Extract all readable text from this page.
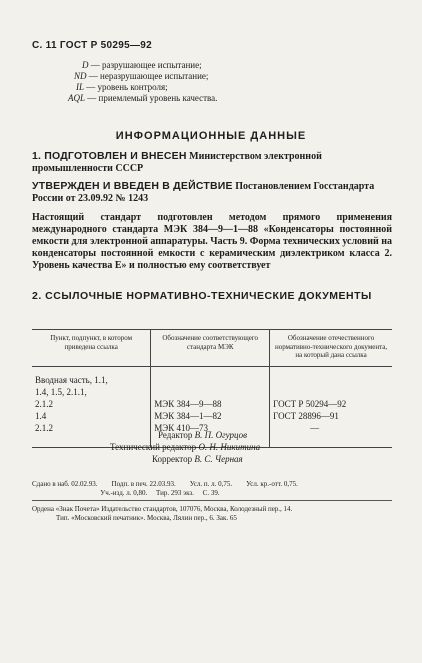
С. 11 ГОСТ Р 50295—92
D — разрушающее испытание;
ND — неразрушающее испытание;
IL — уровень контроля;
AQL — приемлемый уровень качества.
ИНФОРМАЦИОННЫЕ ДАННЫЕ
1. ПОДГОТОВЛЕН И ВНЕСЕН Министерством электронной промышленности СССР
УТВЕРЖДЕН И ВВЕДЕН В ДЕЙСТВИЕ Постановлением Госстандарта России от 23.09.92 № 1243
Настоящий стандарт подготовлен методом прямого применения международного стандарта МЭК 384—9—1—88 «Конденсаторы постоянной емкости для электронной аппаратуры. Часть 9. Форма технических условий на конденсаторы постоянной емкости с керамическим диэлектриком класса 2. Уровень качества Е» и полностью ему соответствует
2. ССЫЛОЧНЫЕ НОРМАТИВНО-ТЕХНИЧЕСКИЕ ДОКУМЕНТЫ
Пункт, подпункт, в котором приведена ссылка	Обозначение соответствующего стандарта МЭК	Обозначение отечественного нормативно-технического документа, на который дана ссылка
Вводная часть, 1.1,		
1.4, 1.5, 2.1.1,		
2.1.2	МЭК 384—9—88	ГОСТ Р 50294—92
1.4	МЭК 384—1—82	ГОСТ 28896—91
2.1.2	МЭК 410—73	—
Редактор В. П. Огурцов
Технический редактор О. Н. Никитина
Корректор В. С. Черная
Сдано в наб. 02.02.93.        Подп. в печ. 22.03.93.        Усл. п. л. 0,75.        Усл. кр.-отт. 0,75.
Уч.-изд. л. 0,80.     Тир. 293 экз.     С. 39.
Ордена «Знак Почета» Издательство стандартов, 107076, Москва, Колодезный пер., 14.
Тип. «Московский печатник». Москва, Лялин пер., 6. Зак. 65
